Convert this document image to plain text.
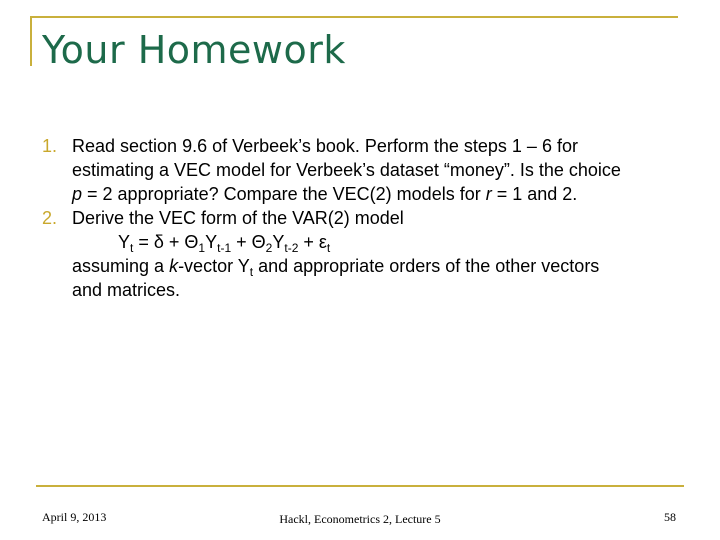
Your Homework
1. Read section 9.6 of Verbeek’s book. Perform the steps 1 – 6 for
estimating a VEC model for Verbeek’s dataset “money”. Is the choice
p = 2 appropriate? Compare the VEC(2) models for r = 1 and 2.
2. Derive the VEC form of the VAR(2) model
$Y_t = \delta + \Theta_1Y_{t-1} + \Theta_2Y_{t-2} + \varepsilon_t$
assuming a k-vector $Y_t$ and appropriate orders of the other vectors
and matrices.
April 9, 2013	Hackl, Econometrics 2, Lecture 5	58
